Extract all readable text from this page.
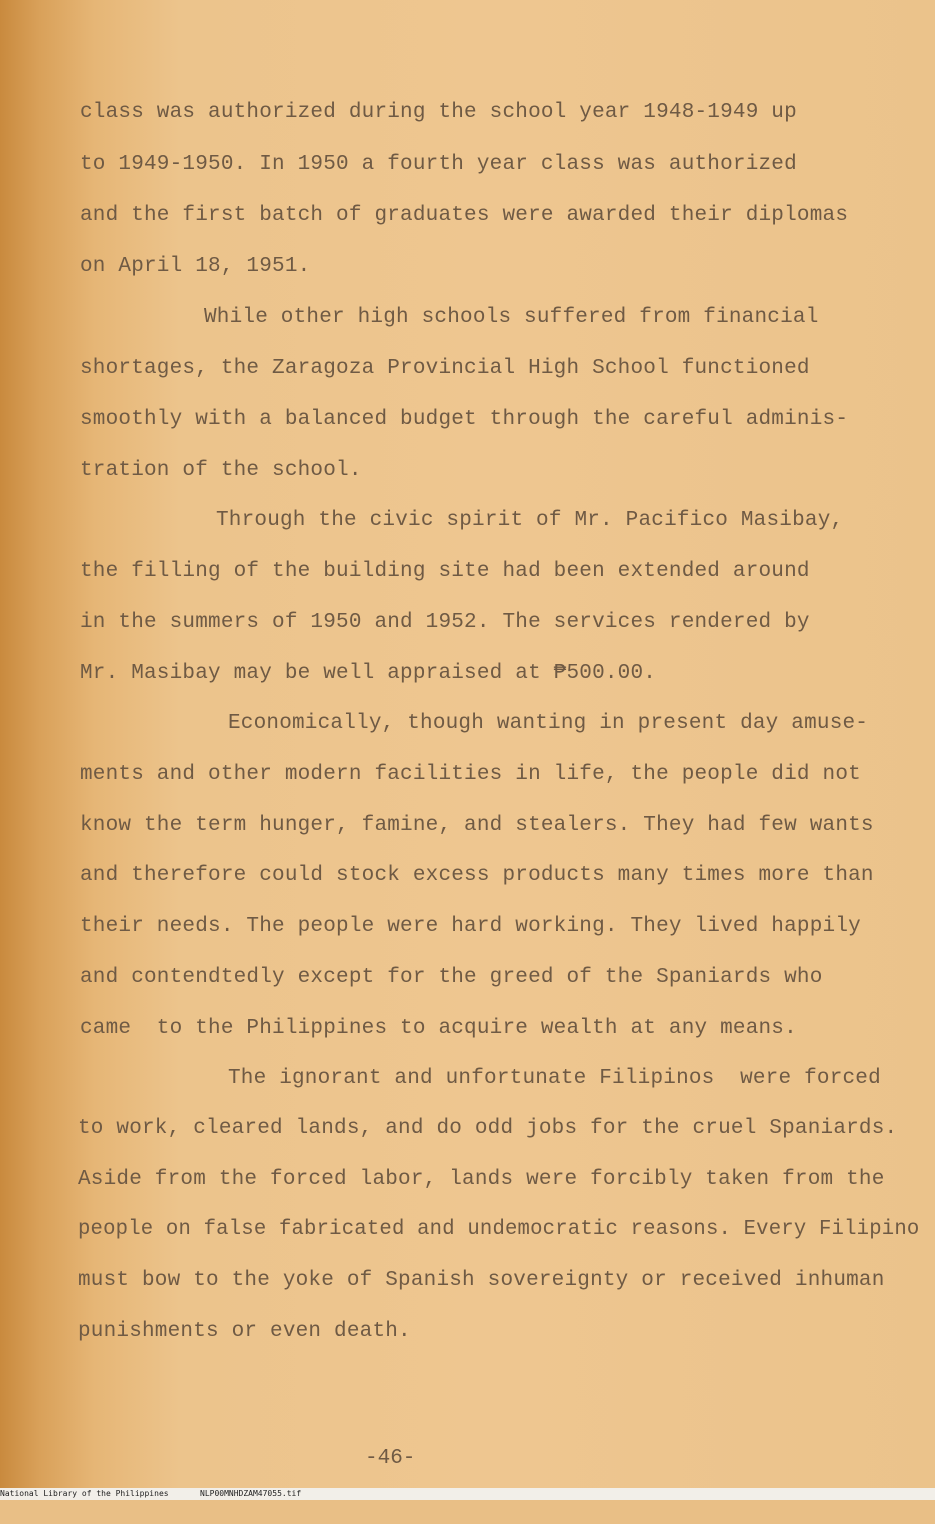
class was authorized during the school year 1948-1949 up
to 1949-1950. In 1950 a fourth year class was authorized
and the first batch of graduates were awarded their diplomas
on April 18, 1951.
While other high schools suffered from financial
shortages, the Zaragoza Provincial High School functioned
smoothly with a balanced budget through the careful adminis-
tration of the school.
Through the civic spirit of Mr. Pacifico Masibay,
the filling of the building site had been extended around
in the summers of 1950 and 1952. The services rendered by
Mr. Masibay may be well appraised at ₱500.00.
Economically, though wanting in present day amuse-
ments and other modern facilities in life, the people did not
know the term hunger, famine, and stealers. They had few wants
and therefore could stock excess products many times more than
their needs. The people were hard working. They lived happily
and contendtedly except for the greed of the Spaniards who
came  to the Philippines to acquire wealth at any means.
The ignorant and unfortunate Filipinos  were forced
to work, cleared lands, and do odd jobs for the cruel Spaniards.
Aside from the forced labor, lands were forcibly taken from the
people on false fabricated and undemocratic reasons. Every Filipino
must bow to the yoke of Spanish sovereignty or received inhuman
punishments or even death.
-46-

National Library of the Philippines

	NLP00MNHDZAM47055.tif
